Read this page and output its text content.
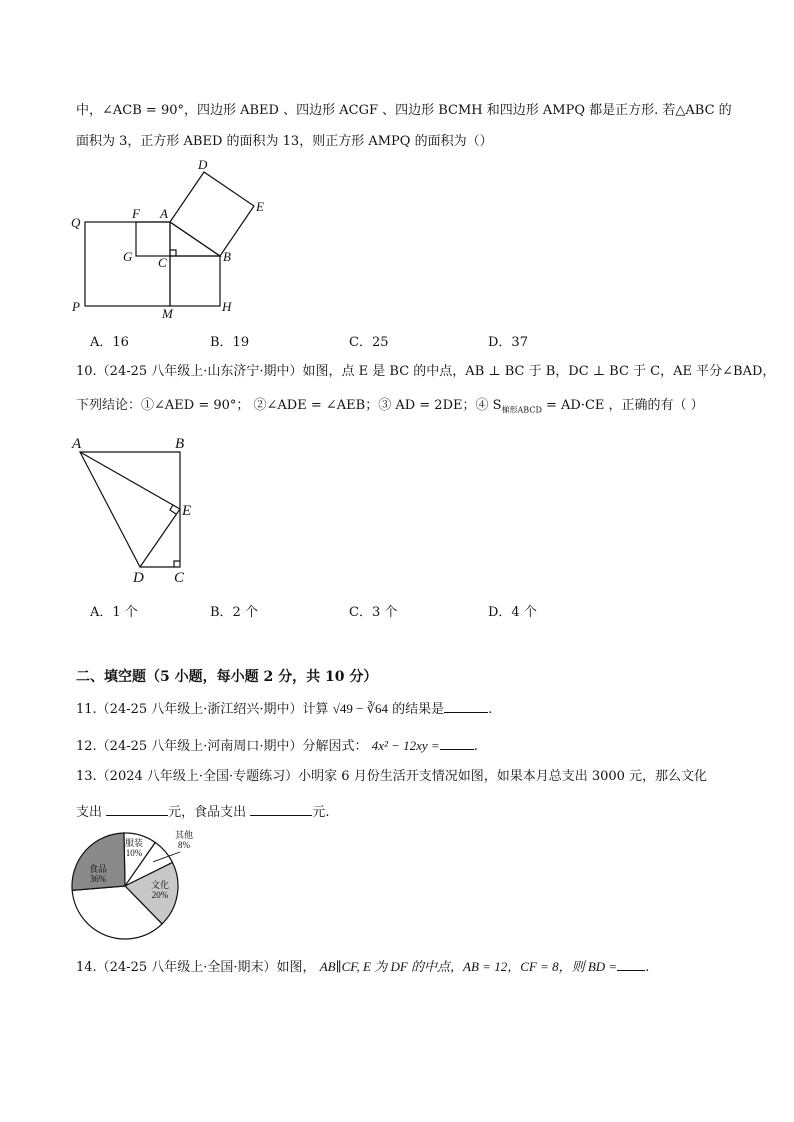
中，∠ACB = 90°，四边形 ABED 、四边形 ACGF 、四边形 BCMH 和四边形 AMPQ 都是正方形. 若△ABC 的
面积为 3，正方形 ABED 的面积为 13，则正方形 AMPQ 的面积为（）
Q
F A
D
E
G C	B
P	M	H
A．16	B．19	C．25	D．37
10.（24-25 八年级上·山东济宁·期中）如图，点 E 是 BC 的中点，AB ⊥ BC 于 B，DC ⊥ BC 于 C，AE 平分∠BAD，
下列结论：①∠AED = 90°； ②∠ADE = ∠AEB；③ AD = 2DE；④ $S_{梯形ABCD} = AD\cdot CE$ ，正确的有（ ）
A	B
E
D C
A．1 个	B．2 个	C．3 个	D．4 个
二、填空题（5 小题，每小题 2 分，共 10 分）
11.（24-25 八年级上·浙江绍兴·期中）计算 √49 − ∛64 的结果是	.
12.（24-25 八年级上·河南周口·期中）分解因式： 4x² − 12xy =	.
13.（2024 八年级上·全国·专题练习）小明家 6 月份生活开支情况如图，如果本月总支出 3000 元，那么文化
支出	元，食品支出	元.
服装
10%
其他
8%
文化
20%
食品
36%
14.（24-25 八年级上·全国·期末）如图， AB∥CF, E 为 DF 的中点，AB = 12，CF = 8，则 BD = .
